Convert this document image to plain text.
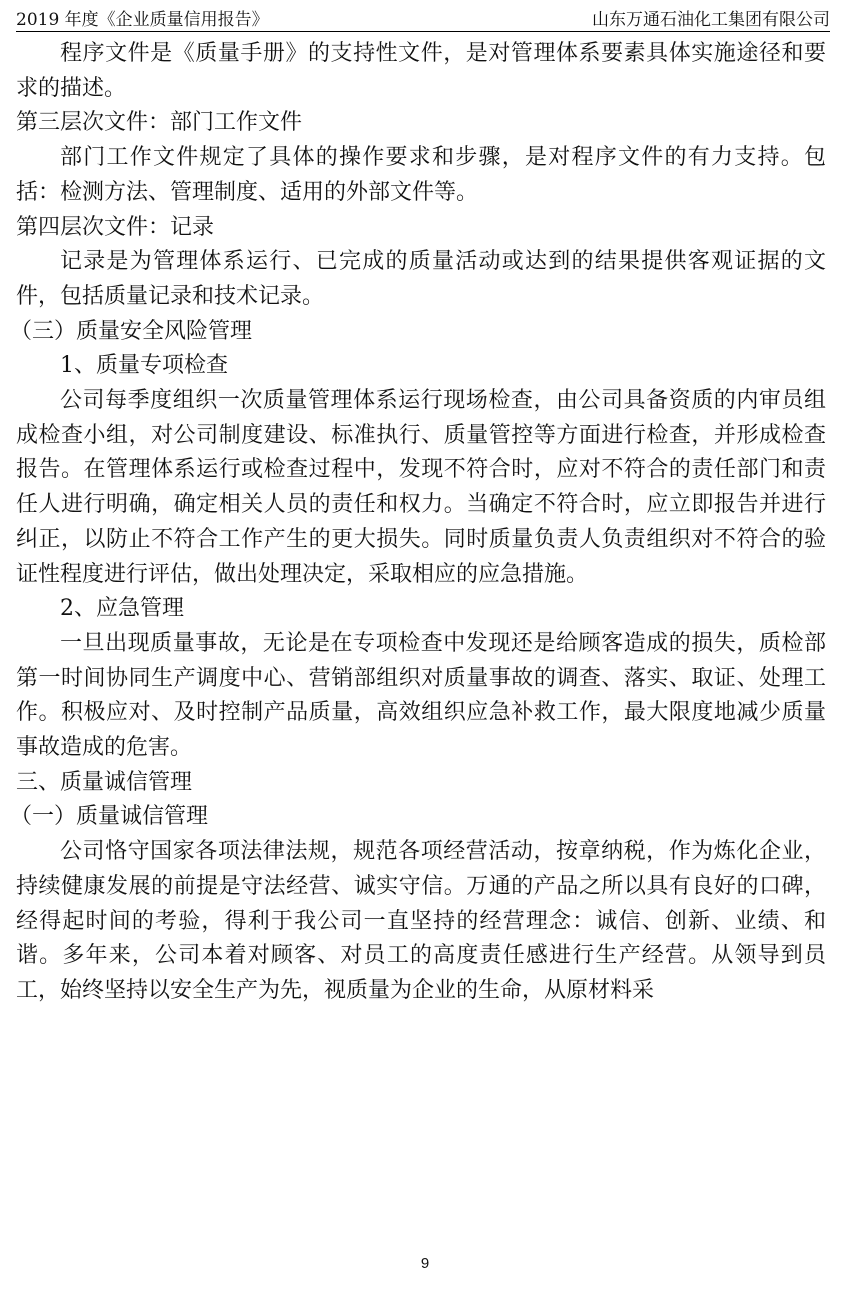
2019 年度《企业质量信用报告》	山东万通石油化工集团有限公司

程序文件是《质量手册》的支持性文件，是对管理体系要素具体实施途径和要求的描述。

第三层次文件：部门工作文件

部门工作文件规定了具体的操作要求和步骤，是对程序文件的有力支持。包括：检测方法、管理制度、适用的外部文件等。

第四层次文件：记录

记录是为管理体系运行、已完成的质量活动或达到的结果提供客观证据的文件，包括质量记录和技术记录。

（三）质量安全风险管理

1、质量专项检查

公司每季度组织一次质量管理体系运行现场检查，由公司具备资质的内审员组成检查小组，对公司制度建设、标准执行、质量管控等方面进行检查，并形成检查报告。在管理体系运行或检查过程中，发现不符合时，应对不符合的责任部门和责任人进行明确，确定相关人员的责任和权力。当确定不符合时，应立即报告并进行纠正，以防止不符合工作产生的更大损失。同时质量负责人负责组织对不符合的验证性程度进行评估，做出处理决定，采取相应的应急措施。

2、应急管理

一旦出现质量事故，无论是在专项检查中发现还是给顾客造成的损失，质检部第一时间协同生产调度中心、营销部组织对质量事故的调查、落实、取证、处理工作。积极应对、及时控制产品质量，高效组织应急补救工作，最大限度地减少质量事故造成的危害。

三、质量诚信管理

（一）质量诚信管理

公司恪守国家各项法律法规，规范各项经营活动，按章纳税，作为炼化企业，持续健康发展的前提是守法经营、诚实守信。万通的产品之所以具有良好的口碑，经得起时间的考验，得利于我公司一直坚持的经营理念：诚信、创新、业绩、和谐。多年来，公司本着对顾客、对员工的高度责任感进行生产经营。从领导到员工，始终坚持以安全生产为先，视质量为企业的生命，从原材料采

9
